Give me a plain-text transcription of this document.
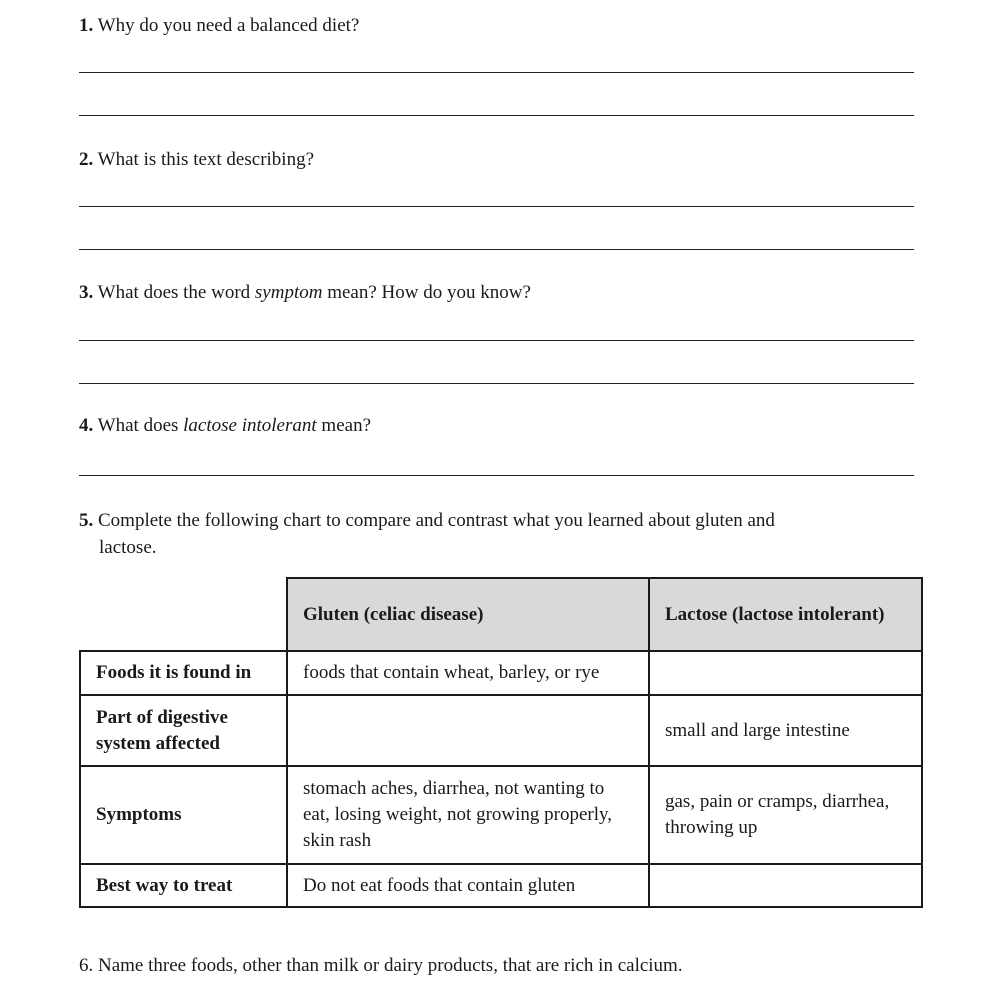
1. Why do you need a balanced diet?

2. What is this text describing?

3. What does the word symptom mean? How do you know?

4. What does lactose intolerant mean?

5. Complete the following chart to compare and contrast what you learned about gluten and
lactose.

	Gluten (celiac disease)	Lactose (lactose intolerant)
Foods it is found in	foods that contain wheat, barley, or rye	
Part of digestive system affected		small and large intestine
Symptoms	stomach aches, diarrhea, not wanting to eat, losing weight, not growing properly, skin rash	gas, pain or cramps, diarrhea, throwing up
Best way to treat	Do not eat foods that contain gluten	

6. Name three foods, other than milk or dairy products, that are rich in calcium.
